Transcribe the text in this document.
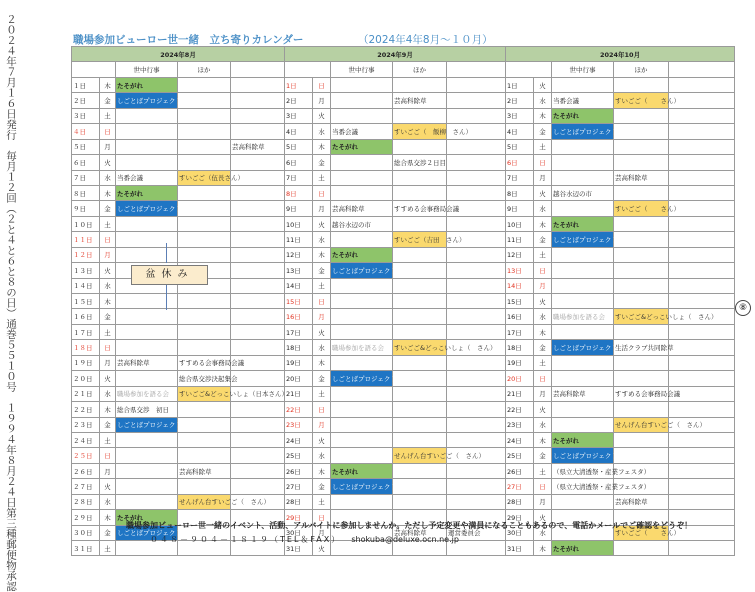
２０２４年７月１６日発行　毎月１２回（２と４と６と８の日）通巻５５１０号　１９９４年８月２４日第三種郵便物承認	⑧
職場参加ビューロー世一緒　立ち寄りカレンダー	（2024年4年8月～１０月）
2024年8月				
		世中行事	ほか	
１日	木	たそがれ		
２日	金	しごとばプロジェクト		
３日	土			
４日	日			
５日	月			芸高科除草
６日	火			
７日	水	当番会議	すいごご（伍長さん）	
８日	木	たそがれ		
９日	金	しごとばプロジェクト		
１０日	土			
１１日	日			
１２日	月			
１３日	火			
１４日	水			
１５日	木			
１６日	金			
１７日	土			
１８日	日			
１９日	月	芸高科除草	すすめる会事務局会議	
２０日	火		総合県交渉決起集会	
２１日	水	職場参加を語る会	すいごご&どっこいしょ（日本さん）	
２２日	木	総合県交渉　初日		
２３日	金	しごとばプロジェクト		
２４日	土			
２５日	日			
２６日	月		芸高科除草	
２７日	火			
２８日	水		せんげん台すいごご（　さん）	
２９日	木	たそがれ		
３０日	金	しごとばプロジェクト		
３１日	土			
2024年9月				
		世中行事	ほか	
1日	日			
2日	月		芸高科除草	
3日	火			
4日	水	当番会議	すいごご（　飯柳　さん）	
5日	木	たそがれ		
6日	金		総合県交渉２日目	
7日	土			
8日	日			
9日	月	芸高科除草	すすめる会事務局会議	
10日	火	越谷水辺の市		
11日	水		すいごご（吉田　さん）	
12日	木	たそがれ		
13日	金	しごとばプロジェクト		
14日	土			
15日	日			
16日	月			
17日	火			
18日	水	職場参加を語る会	すいごご&どっこいしょ（　さん）	
19日	木			
20日	金	しごとばプロジェクト		
21日	土			
22日	日			
23日	月			
24日	火			
25日	水		せんげん台すいごご（　さん）	
26日	木	たそがれ		
27日	金	しごとばプロジェクト		
28日	土			
29日	日			
30日	月		芸高科除草	運営委員会
31日	火			
2024年10月				
		世中行事	ほか	
1日	火			
2日	水	当番会議	すいごご（　　さん）	
3日	木	たそがれ		
4日	金	しごとばプロジェクト		
5日	土			
6日	日			
7日	月		芸高科除草	
8日	火	越谷水辺の市		
9日	水		すいごご（　　さん）	
10日	木	たそがれ		
11日	金	しごとばプロジェクト		
12日	土			
13日	日			
14日	月			
15日	火			
16日	水	職場参加を語る会	すいごご&どっこいしょ（　さん）	
17日	木			
18日	金	しごとばプロジェクト	生活クラブ共同除草	
19日	土			
20日	日			
21日	月	芸高科除草	すすめる会事務局会議	
22日	火			
23日	水		せんげん台すいごご（　さん）	
24日	木	たそがれ		
25日	金	しごとばプロジェクト		
26日	土	（県立大清透祭・産業フェスタ）		
27日	日	（県立大清透祭・産業フェスタ）		
28日	月		芸高科除草	
29日	火			
30日	水		すいごご（　　さん）	
31日	木	たそがれ		
盆休み
職場参加ビューロー世一緒のイベント、活動、アルバイトに参加しませんか。ただし予定変更や満員になることもあるので、電話かメールでご確認をどうぞ！
０４８－９０４－１８１９（TEL＆FAX） shokuba@deluxe.ocn.ne.jp
